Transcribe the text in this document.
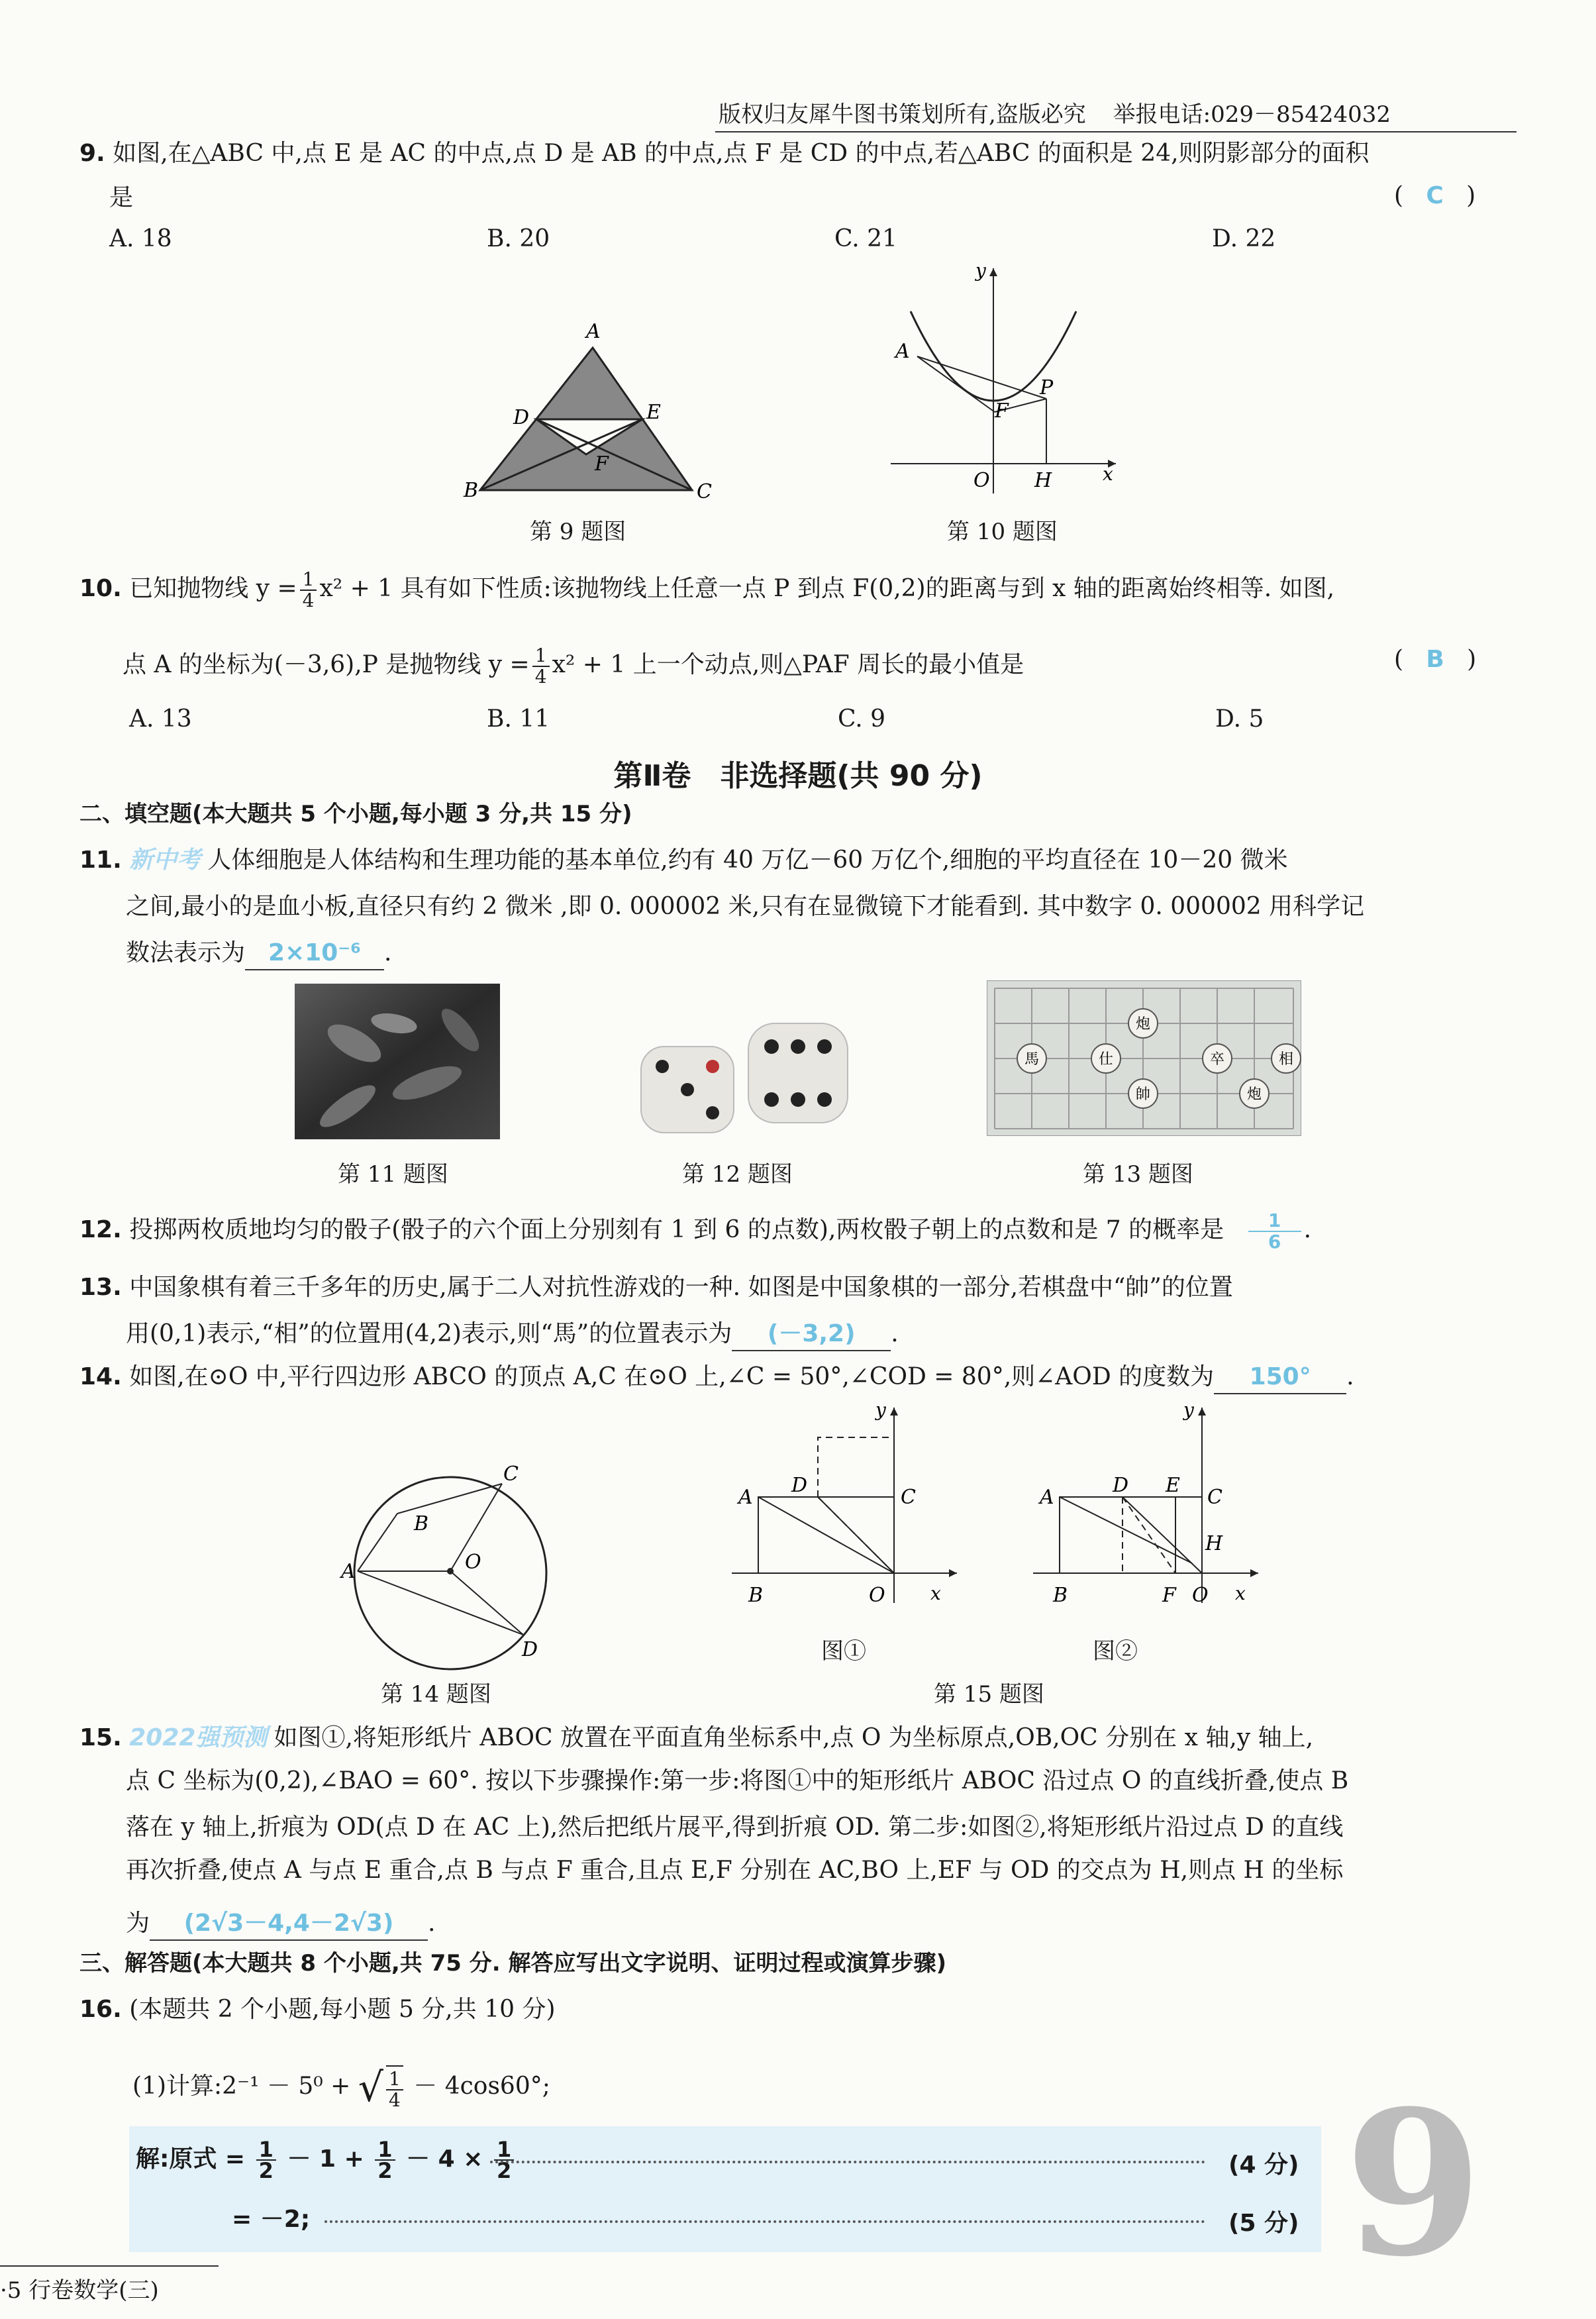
版权归友犀牛图书策划所有,盗版必究 举报电话:029－85424032
9. 如图,在△ABC 中,点 E 是 AC 的中点,点 D 是 AB 的中点,点 F 是 CD 的中点,若△ABC 的面积是 24,则阴影部分的面积
是	(   C   )
A. 18	B. 20	C. 21	D. 22
A
B	C
D	E
F
第 9 题图
y
A
P
F
O H	x
第 10 题图
10. 已知抛物线 $y = \frac{1}{4} x^2 + 1$ 具有如下性质:该抛物线上任意一点 P 到点 F(0,2)的距离与到 x 轴的距离始终相等. 如图,
点 A 的坐标为(－3,6),P 是抛物线 $y = \frac{1}{4} x^2 + 1$ 上一个动点,则△PAF 周长的最小值是	(   B   )
A. 13	B. 11	C. 9	D. 5
第Ⅱ卷　非选择题(共 90 分)
二、填空题(本大题共 5 个小题,每小题 3 分,共 15 分)
11. 新中考 人体细胞是人体结构和生理功能的基本单位,约有 40 万亿－60 万亿个,细胞的平均直径在 10－20 微米
之间,最小的是血小板,直径只有约 2 微米 ,即 0. 000002 米,只有在显微镜下才能看到. 其中数字 0. 000002 用科学记
数法表示为 2×10⁻⁶ .
第 11 题图	第 12 题图
炮
馬	仕	卒	相
帥	炮
第 13 题图
12. 投掷两枚质地均匀的骰子(骰子的六个面上分别刻有 1 到 6 的点数),两枚骰子朝上的点数和是 7 的概率是 $\frac{1}{6}$ .
13. 中国象棋有着三千多年的历史,属于二人对抗性游戏的一种. 如图是中国象棋的一部分,若棋盘中“帥”的位置
用(0,1)表示,“相”的位置用(4,2)表示,则“馬”的位置表示为 (－3,2) .
14. 如图,在⊙O 中,平行四边形 ABCO 的顶点 A,C 在⊙O 上,∠C = 50°,∠COD = 80°,则∠AOD 的度数为 150° .
A
B
C
O
D
第 14 题图
y
A
D
C
B	O x
图①
y
A
D E
C
H
B	F O x
图②
第 15 题图
15. 2022强预测 如图①,将矩形纸片 ABOC 放置在平面直角坐标系中,点 O 为坐标原点,OB,OC 分别在 x 轴,y 轴上,
点 C 坐标为(0,2),∠BAO = 60°. 按以下步骤操作:第一步:将图①中的矩形纸片 ABOC 沿过点 O 的直线折叠,使点 B
落在 y 轴上,折痕为 OD(点 D 在 AC 上),然后把纸片展平,得到折痕 OD. 第二步:如图②,将矩形纸片沿过点 D 的直线
再次折叠,使点 A 与点 E 重合,点 B 与点 F 重合,且点 E,F 分别在 AC,BO 上,EF 与 OD 的交点为 H,则点 H 的坐标
为 (2√3－4,4－2√3) .
三、解答题(本大题共 8 个小题,共 75 分. 解答应写出文字说明、证明过程或演算步骤)
16. (本题共 2 个小题,每小题 5 分,共 10 分)
(1)计算:2⁻¹ － 5⁰ + √ $\frac{1}{4} - 4\cos 60^\circ$;
解:原式 = $\frac{1}{2} - 1 + \frac{1}{2} - 4 \times \frac{1}{2}$	(4 分)
= －2;	(5 分) 9
·5 行卷数学(三)
